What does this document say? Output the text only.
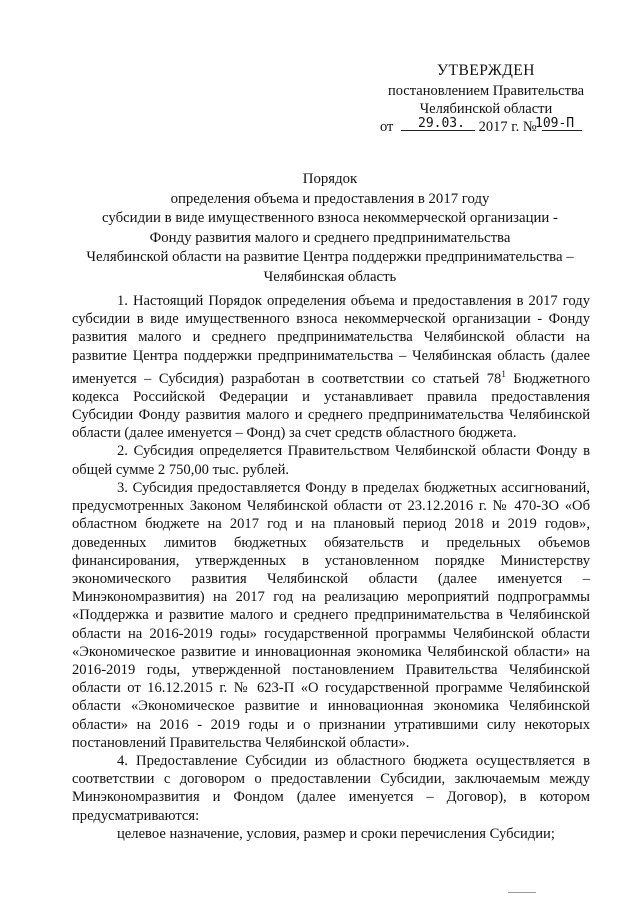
УТВЕРЖДЕН
постановлением Правительства
Челябинской области
от	2017 г. №
29.03.	109-П
Порядок
определения объема и предоставления в 2017 году
субсидии в виде имущественного взноса некоммерческой организации -
Фонду развития малого и среднего предпринимательства
Челябинской области на развитие Центра поддержки предпринимательства –
Челябинская область

1. Настоящий Порядок определения объема и предоставления в 2017 году субсидии в виде имущественного взноса некоммерческой организации - Фонду развития малого и среднего предпринимательства Челябинской области на развитие Центра поддержки предпринимательства – Челябинская область (далее именуется – Субсидия) разработан в соответствии со статьей $78^1$ Бюджетного кодекса Российской Федерации и устанавливает правила предоставления Субсидии Фонду развития малого и среднего предпринимательства Челябинской области (далее именуется – Фонд) за счет средств областного бюджета.

2. Субсидия определяется Правительством Челябинской области Фонду в общей сумме 2 750,00 тыс. рублей.

3. Субсидия предоставляется Фонду в пределах бюджетных ассигнований, предусмотренных Законом Челябинской области от 23.12.2016 г. № 470-ЗО «Об областном бюджете на 2017 год и на плановый период 2018 и 2019 годов», доведенных лимитов бюджетных обязательств и предельных объемов финансирования, утвержденных в установленном порядке Министерству экономического развития Челябинской области (далее именуется – Минэкономразвития) на 2017 год на реализацию мероприятий подпрограммы «Поддержка и развитие малого и среднего предпринимательства в Челябинской области на 2016-2019 годы» государственной программы Челябинской области «Экономическое развитие и инновационная экономика Челябинской области» на 2016-2019 годы, утвержденной постановлением Правительства Челябинской области от 16.12.2015 г. № 623-П «О государственной программе Челябинской области «Экономическое развитие и инновационная экономика Челябинской области» на 2016 - 2019 годы и о признании утратившими силу некоторых постановлений Правительства Челябинской области».

4. Предоставление Субсидии из областного бюджета осуществляется в соответствии с договором о предоставлении Субсидии, заключаемым между Минэкономразвития и Фондом (далее именуется – Договор), в котором предусматриваются:

целевое назначение, условия, размер и сроки перечисления Субсидии;
